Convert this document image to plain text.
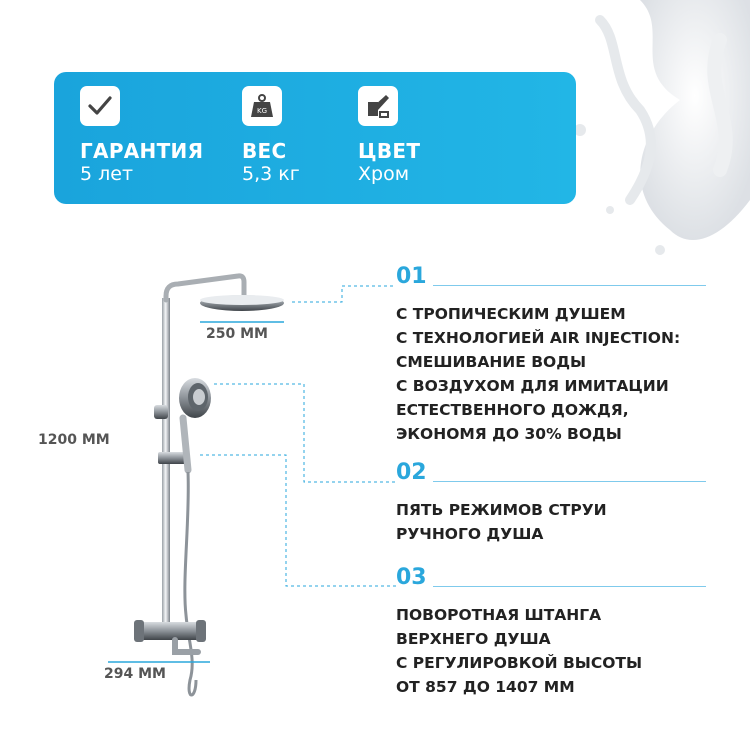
ГАРАНТИЯ
5 лет
KG
ВЕС
5,3 кг
ЦВЕТ
Хром
250 ММ
1200 ММ
294 ММ
01
С ТРОПИЧЕСКИМ ДУШЕМ
С ТЕХНОЛОГИЕЙ AIR INJECTION:
СМЕШИВАНИЕ ВОДЫ
С ВОЗДУХОМ ДЛЯ ИМИТАЦИИ
ЕСТЕСТВЕННОГО ДОЖДЯ,
ЭКОНОМЯ ДО 30% ВОДЫ
02
ПЯТЬ РЕЖИМОВ СТРУИ
РУЧНОГО ДУША
03
ПОВОРОТНАЯ ШТАНГА
ВЕРХНЕГО ДУША
С РЕГУЛИРОВКОЙ ВЫСОТЫ
ОТ 857 ДО 1407 ММ
